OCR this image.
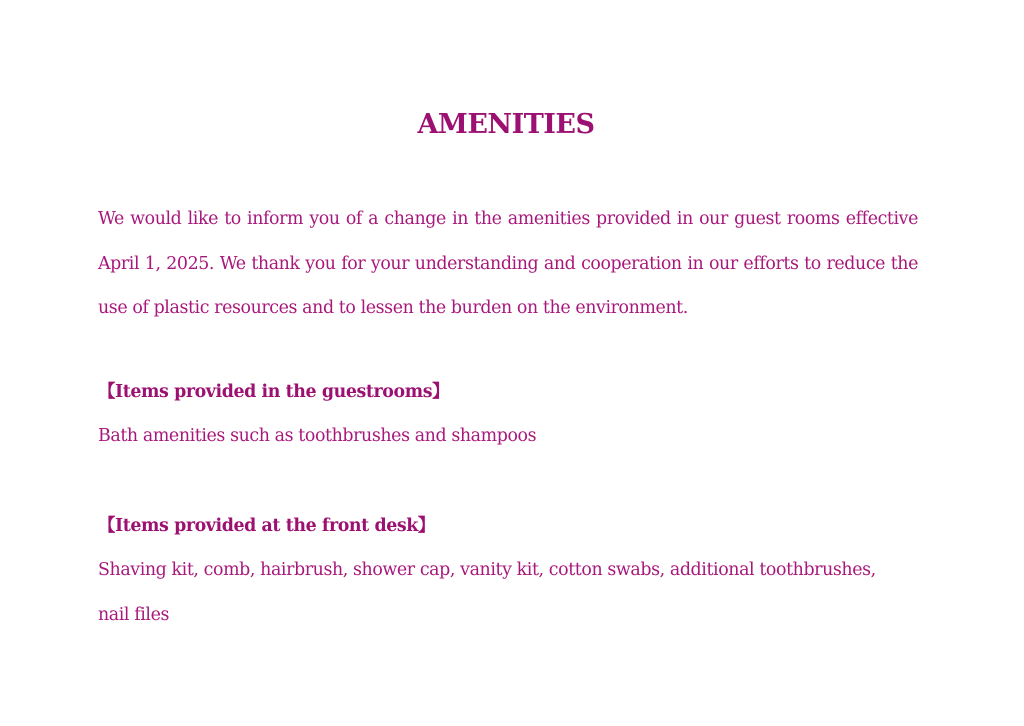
AMENITIES
We would like to inform you of a change in the amenities provided in our guest rooms effective April 1, 2025. We thank you for your understanding and cooperation in our efforts to reduce the use of plastic resources and to lessen the burden on the environment.
【Items provided in the guestrooms】
Bath amenities such as toothbrushes and shampoos
【Items provided at the front desk】
Shaving kit, comb, hairbrush, shower cap, vanity kit, cotton swabs, additional toothbrushes, nail files
